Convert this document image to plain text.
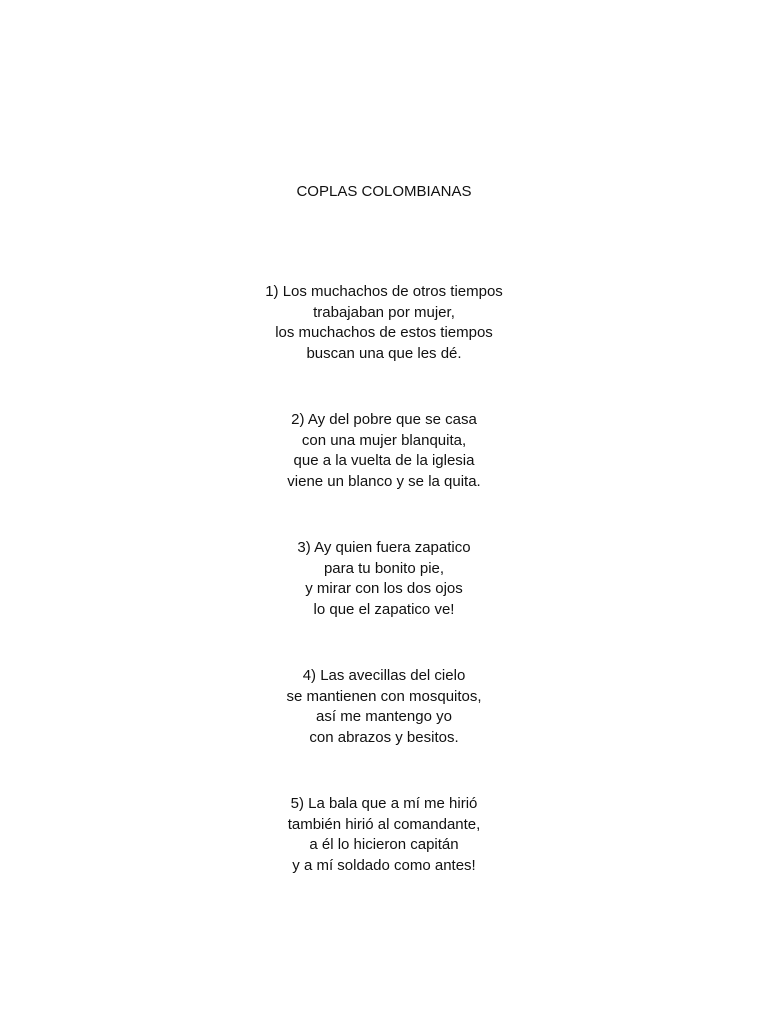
COPLAS COLOMBIANAS
1) Los muchachos de otros tiempos
trabajaban por mujer,
los muchachos de estos tiempos
buscan una que les dé.
2) Ay del pobre que se casa
con una mujer blanquita,
que a la vuelta de la iglesia
viene un blanco y se la quita.
3) Ay quien fuera zapatico
para tu bonito pie,
y mirar con los dos ojos
lo que el zapatico ve!
4) Las avecillas del cielo
se mantienen con mosquitos,
así me mantengo yo
con abrazos y besitos.
5) La bala que a mí me hirió
también hirió al comandante,
a él lo hicieron capitán
y a mí soldado como antes!
